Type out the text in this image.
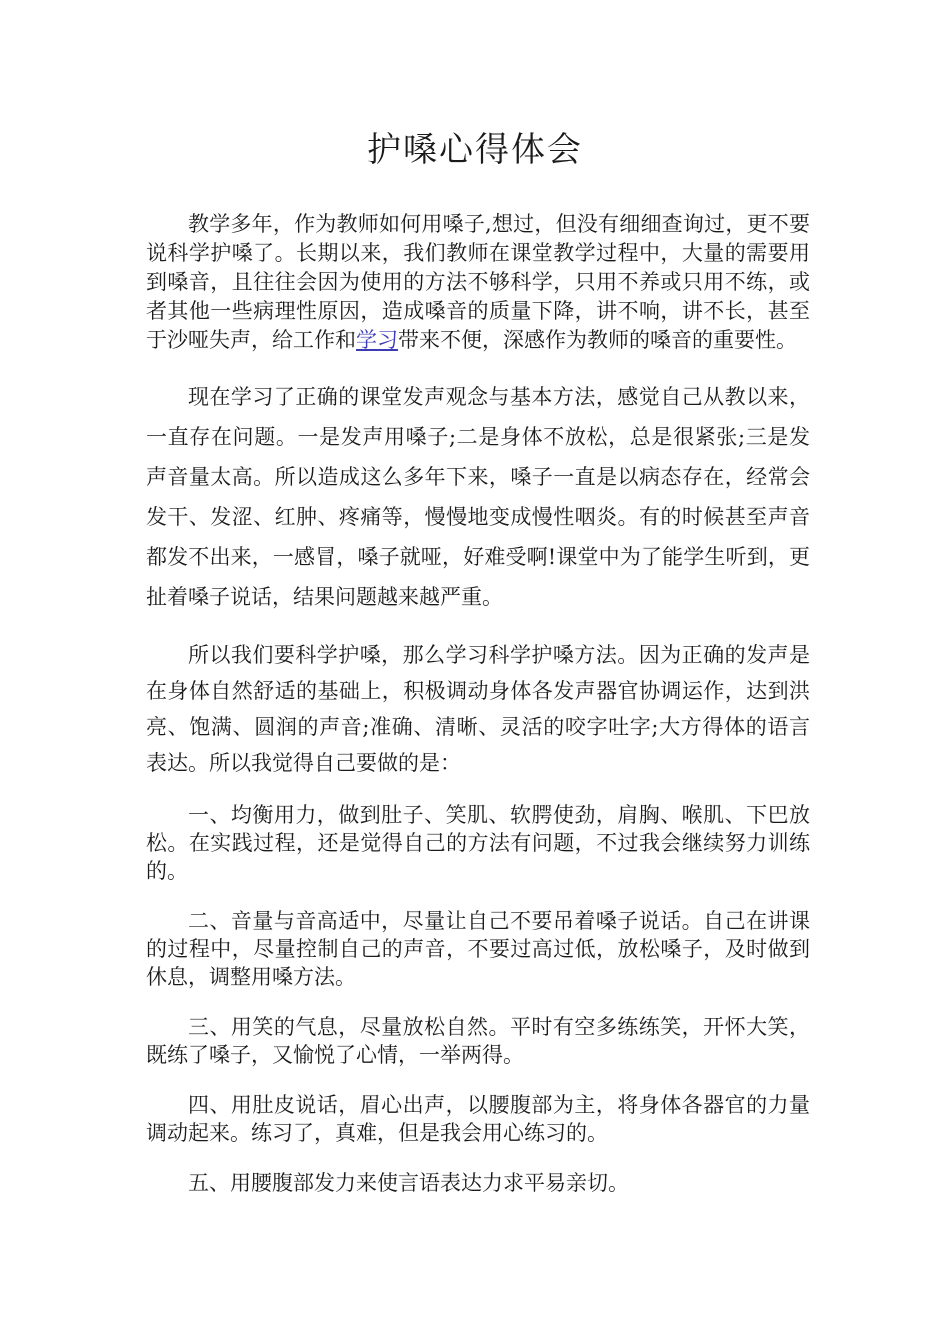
护嗓心得体会

教学多年，作为教师如何用嗓子,想过，但没有细细查询过，更不要说科学护嗓了。长期以来，我们教师在课堂教学过程中，大量的需要用到嗓音，且往往会因为使用的方法不够科学，只用不养或只用不练，或者其他一些病理性原因，造成嗓音的质量下降，讲不响，讲不长，甚至于沙哑失声，给工作和学习带来不便，深感作为教师的嗓音的重要性。

现在学习了正确的课堂发声观念与基本方法，感觉自己从教以来，一直存在问题。一是发声用嗓子;二是身体不放松，总是很紧张;三是发声音量太高。所以造成这么多年下来，嗓子一直是以病态存在，经常会发干、发涩、红肿、疼痛等，慢慢地变成慢性咽炎。有的时候甚至声音都发不出来，一感冒，嗓子就哑，好难受啊!课堂中为了能学生听到，更扯着嗓子说话，结果问题越来越严重。

所以我们要科学护嗓，那么学习科学护嗓方法。因为正确的发声是在身体自然舒适的基础上，积极调动身体各发声器官协调运作，达到洪亮、饱满、圆润的声音;准确、清晰、灵活的咬字吐字;大方得体的语言表达。所以我觉得自己要做的是：

一、均衡用力，做到肚子、笑肌、软腭使劲，肩胸、喉肌、下巴放松。在实践过程，还是觉得自己的方法有问题，不过我会继续努力训练的。

二、音量与音高适中，尽量让自己不要吊着嗓子说话。自己在讲课的过程中，尽量控制自己的声音，不要过高过低，放松嗓子，及时做到休息，调整用嗓方法。

三、用笑的气息，尽量放松自然。平时有空多练练笑，开怀大笑，既练了嗓子，又愉悦了心情，一举两得。

四、用肚皮说话，眉心出声，以腰腹部为主，将身体各器官的力量调动起来。练习了，真难，但是我会用心练习的。

五、用腰腹部发力来使言语表达力求平易亲切。
